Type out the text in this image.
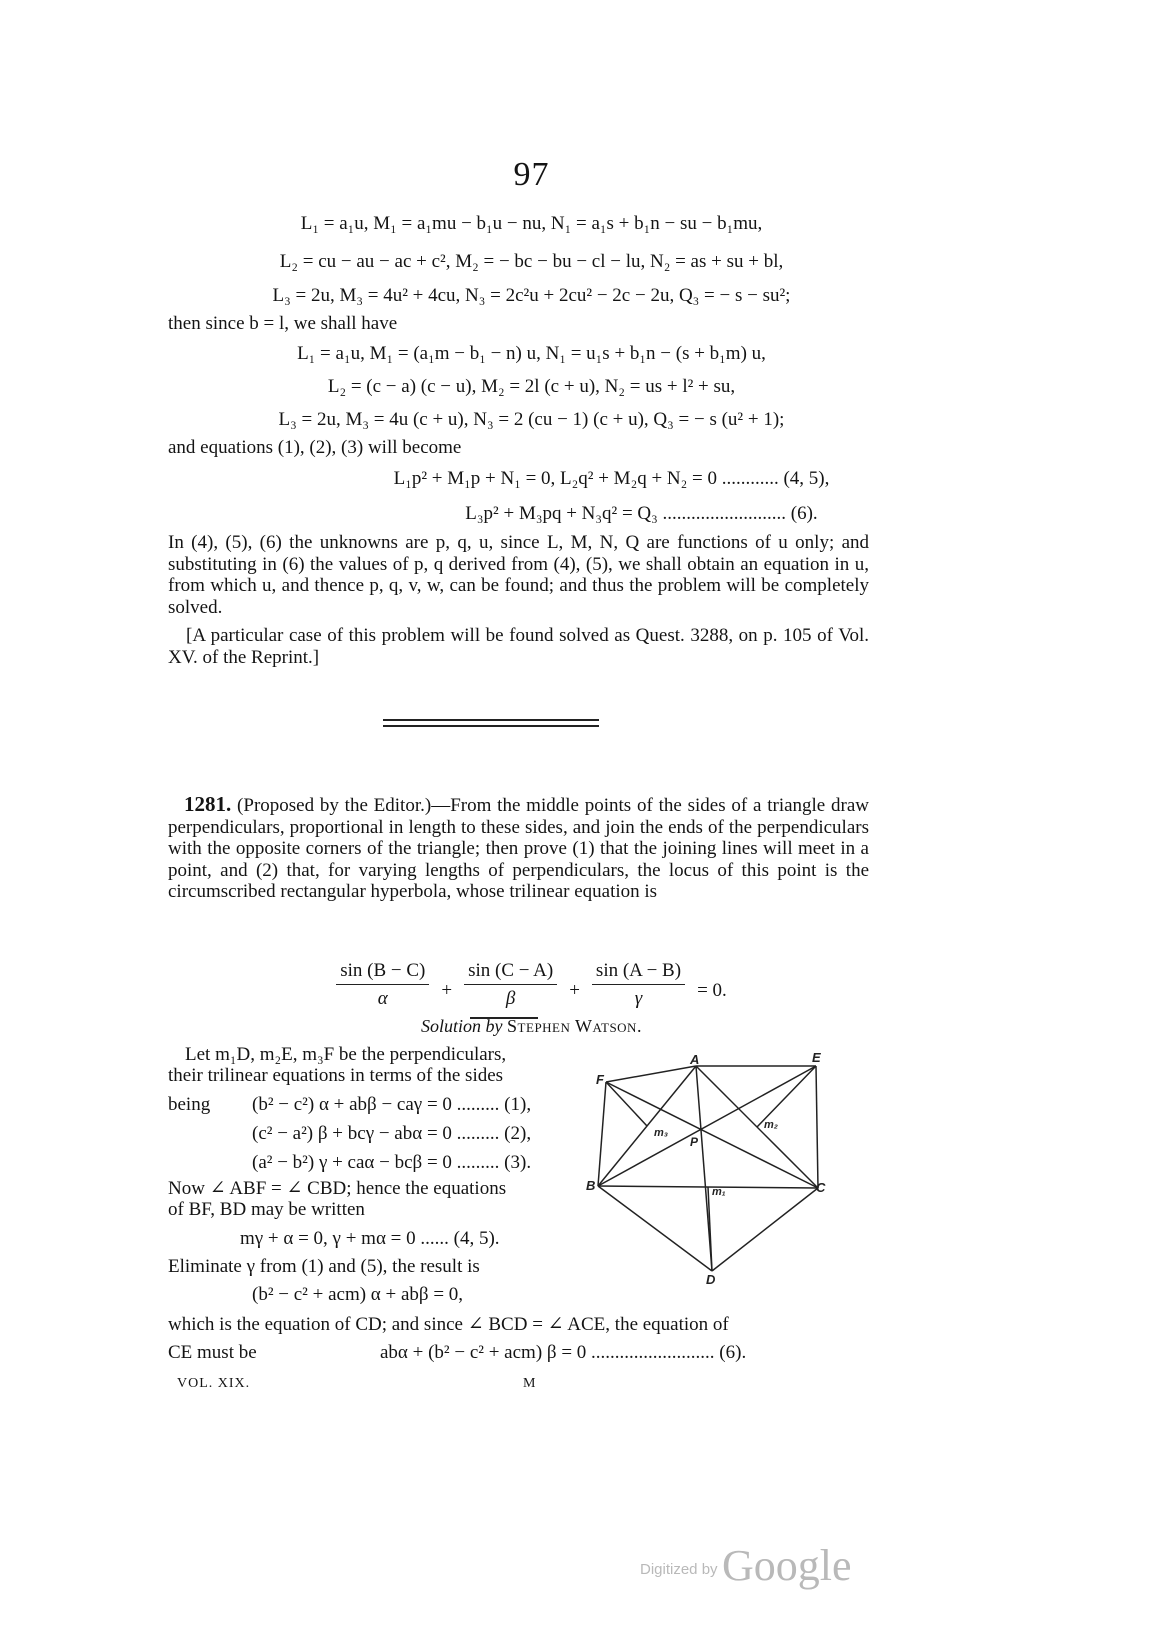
97
L₁ = a₁u, M₁ = a₁mu − b₁u − nu, N₁ = a₁s + b₁n − su − b₁mu,
L₂ = cu − au − ac + c², M₂ = − bc − bu − cl − lu, N₂ = as + su + bl,
L₃ = 2u, M₃ = 4u² + 4cu, N₃ = 2c²u + 2cu² − 2c − 2u, Q₃ = − s − su²;
then since b = l, we shall have
L₁ = a₁u, M₁ = (a₁m − b₁ − n) u, N₁ = u₁s + b₁n − (s + b₁m) u,
L₂ = (c − a) (c − u), M₂ = 2l (c + u), N₂ = us + l² + su,
L₃ = 2u, M₃ = 4u (c + u), N₃ = 2 (cu − 1) (c + u), Q₃ = − s (u² + 1);
and equations (1), (2), (3) will become
L₁p² + M₁p + N₁ = 0, L₂q² + M₂q + N₂ = 0 ............ (4, 5),
L₃p² + M₃pq + N₃q² = Q₃ .......................... (6).

In (4), (5), (6) the unknowns are p, q, u, since L, M, N, Q are functions of u only; and substituting in (6) the values of p, q derived from (4), (5), we shall obtain an equation in u, from which u, and thence p, q, v, w, can be found; and thus the problem will be completely solved.

[A particular case of this problem will be found solved as Quest. 3288, on p. 105 of Vol. XV. of the Reprint.]

1281. (Proposed by the Editor.)—From the middle points of the sides of a triangle draw perpendiculars, proportional in length to these sides, and join the ends of the perpendiculars with the opposite corners of the triangle; then prove (1) that the joining lines will meet in a point, and (2) that, for varying lengths of perpendiculars, the locus of this point is the circumscribed rectangular hyperbola, whose trilinear equation is

$\frac{\sin (B - C)}{\alpha} + \frac{\sin (C - A)}{\beta} + \frac{\sin (A - B)}{\gamma} = 0$.
Solution by Stephen Watson.
Let m₁D, m₂E, m₃F be the perpendiculars,
their trilinear equations in terms of the sides
being	(b² − c²) α + abβ − caγ = 0 ......... (1),
(c² − a²) β + bcγ − abα = 0 ......... (2),
(a² − b²) γ + caα − bcβ = 0 ......... (3).
Now ∠ ABF = ∠ CBD; hence the equations
of BF, BD may be written
mγ + α = 0, γ + mα = 0 ...... (4, 5).
Eliminate γ from (1) and (5), the result is
(b² − c² + acm) α + abβ = 0,
which is the equation of CD; and since ∠ BCD = ∠ ACE, the equation of
CE must be	abα + (b² − c² + acm) β = 0 .......................... (6).
VOL. XIX.	M
A	E
F
B	C
D
P
m₁
m₂
m₃
Digitized by Google
